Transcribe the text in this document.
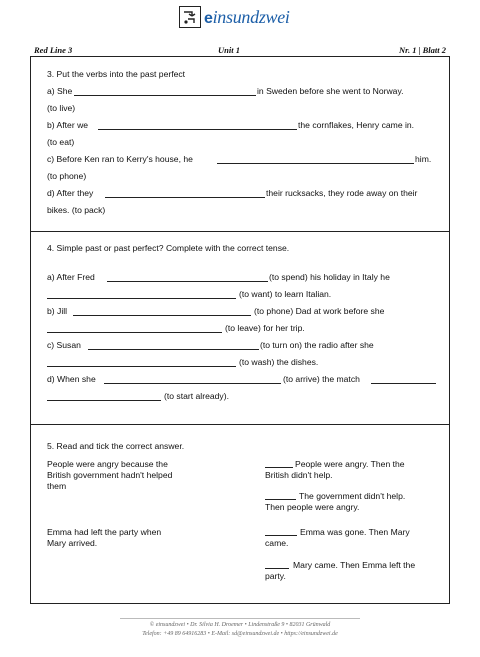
einsundzwei
Red Line 3	Unit 1	Nr. 1 | Blatt 2
3. Put the verbs into the past perfect
a) She	in Sweden before she went to Norway.
(to live)
b) After we	the cornflakes, Henry came in.
(to eat)
c) Before Ken ran to Kerry's house, he	him.
(to phone)
d) After they	their rucksacks, they rode away on their
bikes. (to pack)
4. Simple past or past perfect? Complete with the correct tense.
a) After Fred	(to spend) his holiday in Italy he
(to want) to learn Italian.
b) Jill	(to phone) Dad at work before she
(to leave) for her trip.
c) Susan	(to turn on) the radio after she
(to wash) the dishes.
d) When she	(to arrive) the match
(to start already).
5. Read and tick the correct answer.
People were angry because the
British government hadn't helped
them
People were angry. Then the
British didn't help.
The government didn't help.
Then people were angry.
Emma had left the party when
Mary arrived.
Emma was gone. Then Mary
came.
Mary came. Then Emma left the
party.
© einsundzwei • Dr. Silvia H. Droemer • Lindenstraße 9 • 82031 Grünwald
Telefon: +49 89 64916283 • E-Mail: sd@einsundzwei.de • https://einsundzwei.de
